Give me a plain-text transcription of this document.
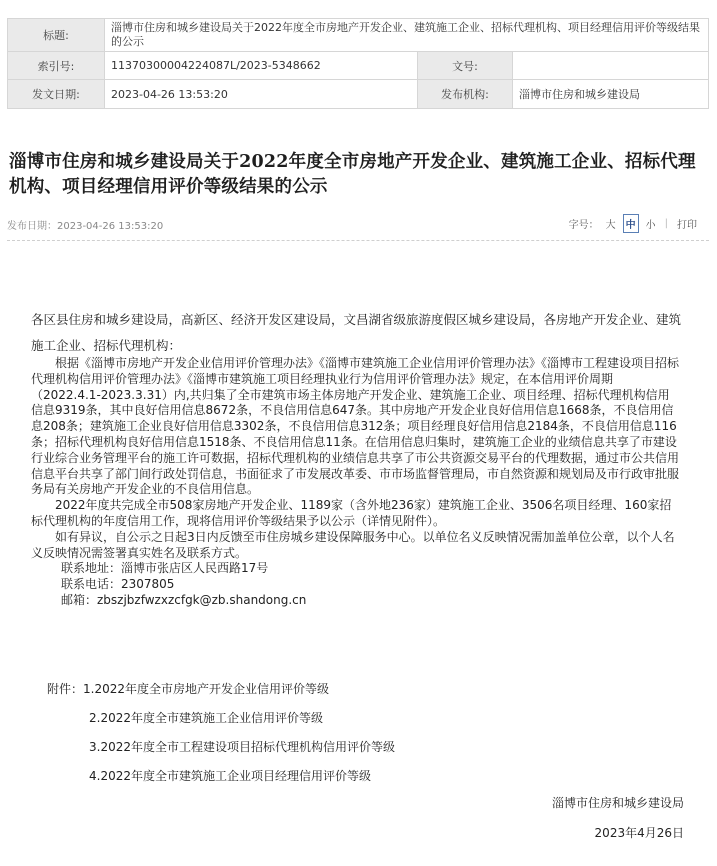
标题:	淄博市住房和城乡建设局关于2022年度全市房地产开发企业、建筑施工企业、招标代理机构、项目经理信用评价等级结果的公示		
索引号:	11370300004224087L/2023-5348662	文号:	
发文日期:	2023-04-26 13:53:20	发布机构:	淄博市住房和城乡建设局
淄博市住房和城乡建设局关于2022年度全市房地产开发企业、建筑施工企业、招标代理机构、项目经理信用评价等级结果的公示
发布日期：2023-04-26 13:53:20	字号： 大	中	小 | 打印

各区县住房和城乡建设局，高新区、经济开发区建设局，文昌湖省级旅游度假区城乡建设局，各房地产开发企业、建筑施工企业、招标代理机构：

根据《淄博市房地产开发企业信用评价管理办法》《淄博市建筑施工企业信用评价管理办法》《淄博市工程建设项目招标代理机构信用评价管理办法》《淄博市建筑施工项目经理执业行为信用评价管理办法》规定，在本信用评价周期（2022.4.1-2023.3.31）内,共归集了全市建筑市场主体房地产开发企业、建筑施工企业、项目经理、招标代理机构信用信息9319条，其中良好信用信息8672条，不良信用信息647条。其中房地产开发企业良好信用信息1668条，不良信用信息208条；建筑施工企业良好信用信息3302条，不良信用信息312条；项目经理良好信用信息2184条，不良信用信息116条；招标代理机构良好信用信息1518条、不良信用信息11条。在信用信息归集时，建筑施工企业的业绩信息共享了市建设行业综合业务管理平台的施工许可数据，招标代理机构的业绩信息共享了市公共资源交易平台的代理数据，通过市公共信用信息平台共享了部门间行政处罚信息，书面征求了市发展改革委、市市场监督管理局，市自然资源和规划局及市行政审批服务局有关房地产开发企业的不良信用信息。

2022年度共完成全市508家房地产开发企业、1189家（含外地236家）建筑施工企业、3506名项目经理、160家招标代理机构的年度信用工作，现将信用评价等级结果予以公示（详情见附件）。

如有异议，自公示之日起3日内反馈至市住房城乡建设保障服务中心。以单位名义反映情况需加盖单位公章，以个人名义反映情况需签署真实姓名及联系方式。

联系地址：淄博市张店区人民西路17号

联系电话：2307805

邮箱：zbszjbzfwzxzcfgk@zb.shandong.cn

附件：1.2022年度全市房地产开发企业信用评价等级
2.2022年度全市建筑施工企业信用评价等级
3.2022年度全市工程建设项目招标代理机构信用评价等级
4.2022年度全市建筑施工企业项目经理信用评价等级
淄博市住房和城乡建设局
2023年4月26日
